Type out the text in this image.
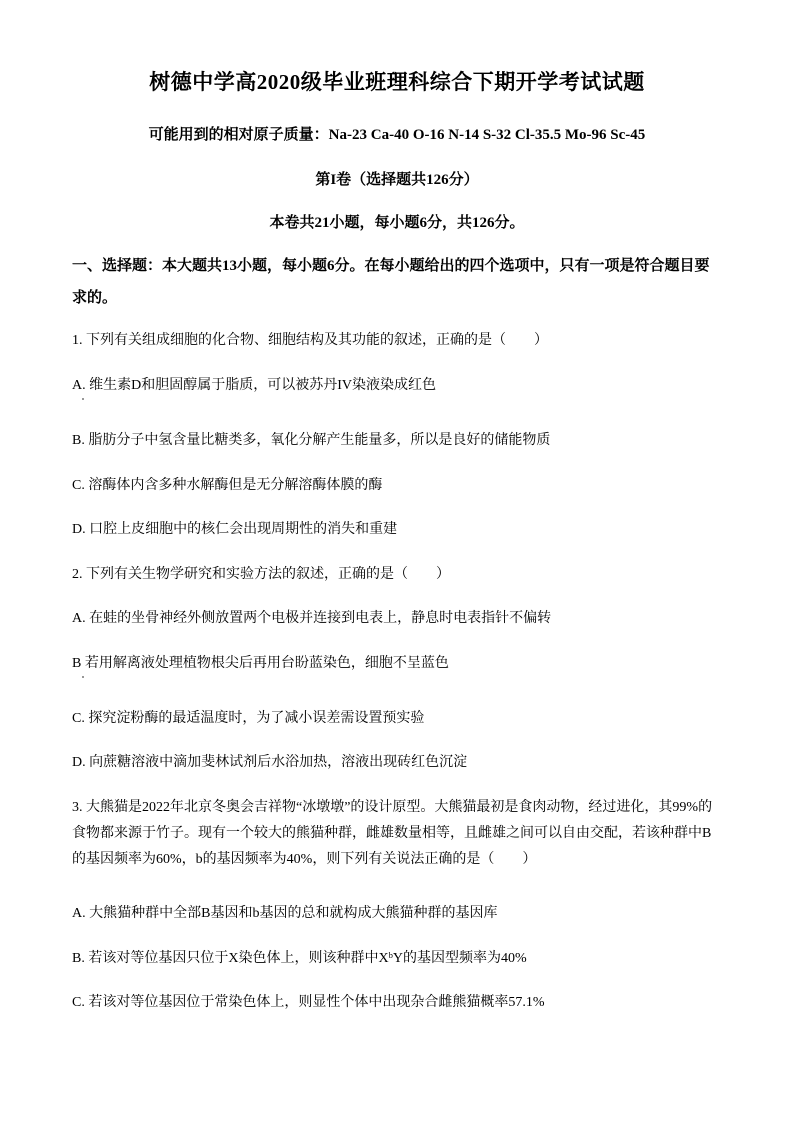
树德中学高2020级毕业班理科综合下期开学考试试题
可能用到的相对原子质量：Na-23 Ca-40 O-16 N-14 S-32 Cl-35.5 Mo-96 Sc-45
第I卷（选择题共126分）
本卷共21小题，每小题6分，共126分。
一、选择题：本大题共13小题，每小题6分。在每小题给出的四个选项中，只有一项是符合题目要求的。
1. 下列有关组成细胞的化合物、细胞结构及其功能的叙述，正确的是（　　）
A. 维生素D和胆固醇属于脂质，可以被苏丹IV染液染成红色
B. 脂肪分子中氢含量比糖类多，氧化分解产生能量多，所以是良好的储能物质
C. 溶酶体内含多种水解酶但是无分解溶酶体膜的酶
D. 口腔上皮细胞中的核仁会出现周期性的消失和重建
2. 下列有关生物学研究和实验方法的叙述，正确的是（　　）
A. 在蛙的坐骨神经外侧放置两个电极并连接到电表上，静息时电表指针不偏转
B 若用解离液处理植物根尖后再用台盼蓝染色，细胞不呈蓝色
C. 探究淀粉酶的最适温度时，为了减小误差需设置预实验
D. 向蔗糖溶液中滴加斐林试剂后水浴加热，溶液出现砖红色沉淀
3. 大熊猫是2022年北京冬奥会吉祥物“冰墩墩”的设计原型。大熊猫最初是食肉动物，经过进化，其99%的食物都来源于竹子。现有一个较大的熊猫种群，雌雄数量相等，且雌雄之间可以自由交配，若该种群中B的基因频率为60%，b的基因频率为40%，则下列有关说法正确的是（　　）
A. 大熊猫种群中全部B基因和b基因的总和就构成大熊猫种群的基因库
B. 若该对等位基因只位于X染色体上，则该种群中XᵇY的基因型频率为40%
C. 若该对等位基因位于常染色体上，则显性个体中出现杂合雌熊猫概率57.1%
